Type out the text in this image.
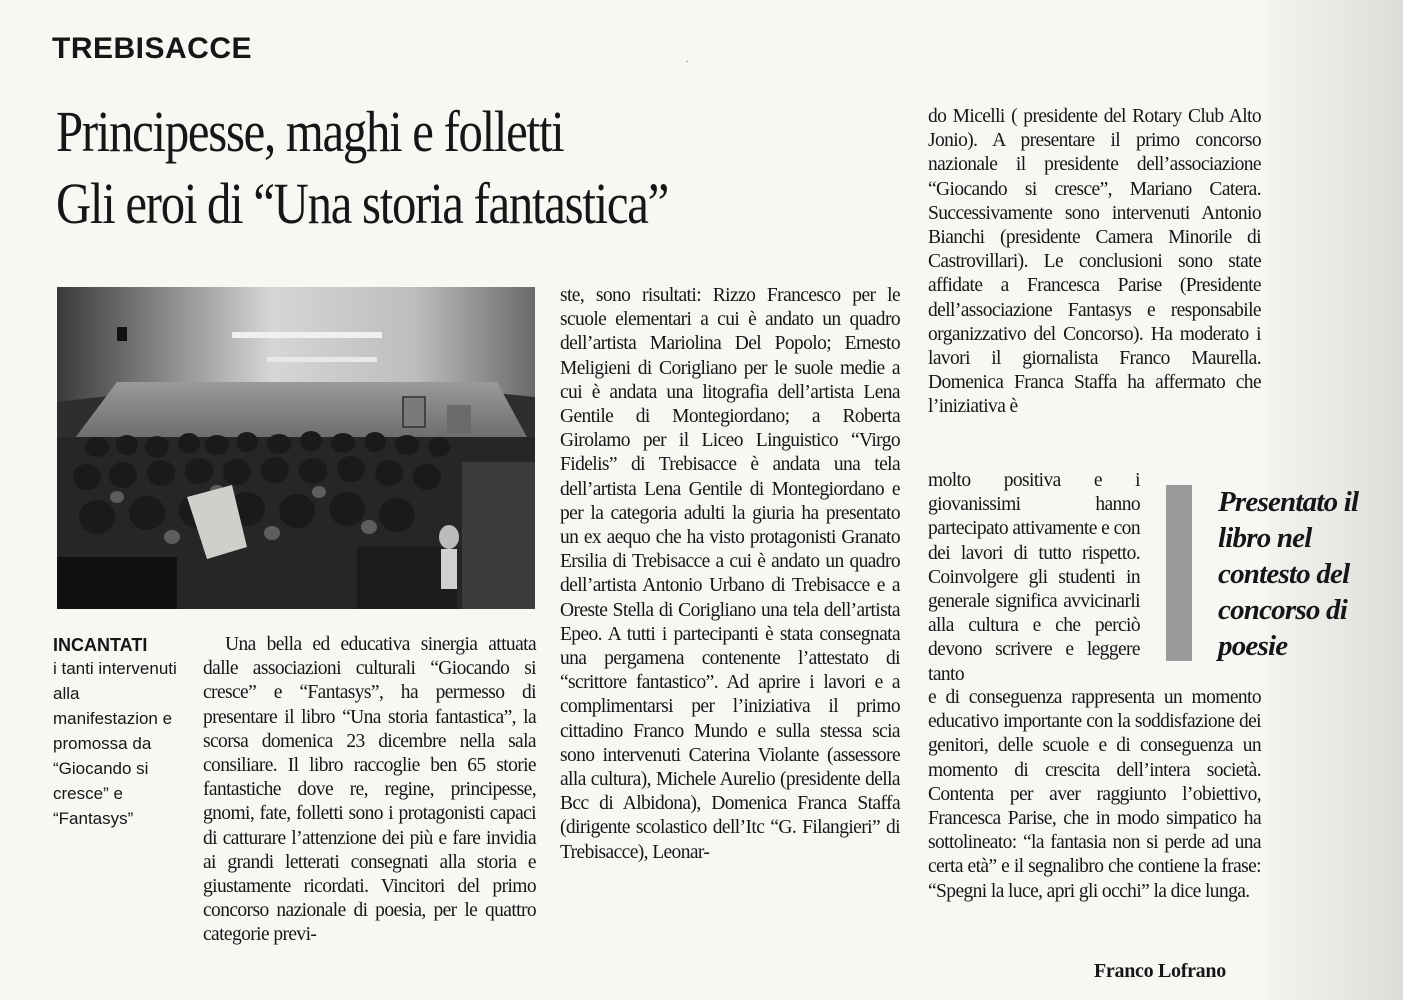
·
TREBISACCE
Principesse, maghi e folletti
Gli eroi di “Una storia fantastica”
INCANTATI
i tanti intervenuti alla manifestazion e promossa da “Giocando si cresce” e “Fantasys”
Una bella ed educativa sinergia attuata dalle associazioni culturali “Giocando si cresce” e “Fantasys”, ha permesso di presentare il libro “Una storia fantastica”, la scorsa domenica 23 dicembre nella sala consiliare. Il libro raccoglie ben 65 storie fantastiche dove re, regine, principesse, gnomi, fate, folletti sono i protagonisti capaci di catturare l’attenzione dei più e fare invidia ai grandi letterati consegnati alla storia e giustamente ricordati. Vincitori del primo concorso nazionale di poesia, per le quattro categorie previ-
ste, sono risultati: Rizzo Francesco per le scuole elementari a cui è andato un quadro dell’artista Mariolina Del Popolo; Ernesto Meligieni di Corigliano per le suole medie a cui è andata una litografia dell’artista Lena Gentile di Montegiordano; a Roberta Girolamo per il Liceo Linguistico “Virgo Fidelis” di Trebisacce è andata una tela dell’artista Lena Gentile di Montegiordano e per la categoria adulti la giuria ha presentato un ex aequo che ha visto protagonisti Granato Ersilia di Trebisacce a cui è andato un quadro dell’artista Antonio Urbano di Trebisacce e a Oreste Stella di Corigliano una tela dell’artista Epeo. A tutti i partecipanti è stata consegnata una pergamena contenente l’attestato di “scrittore fantastico”. Ad aprire i lavori e a complimentarsi per l’iniziativa il primo cittadino Franco Mundo e sulla stessa scia sono intervenuti Caterina Violante (assessore alla cultura), Michele Aurelio (presidente della Bcc di Albidona), Domenica Franca Staffa (dirigente scolastico dell’Itc “G. Filangieri” di Trebisacce), Leonar-
do Micelli ( presidente del Rotary Club Alto Jonio). A presentare il primo concorso nazionale il presidente dell’associazione “Giocando si cresce”, Mariano Catera. Successivamente sono intervenuti Antonio Bianchi (presidente Camera Minorile di Castrovillari). Le conclusioni sono state affidate a Francesca Parise (Presidente dell’associazione Fantasys e responsabile organizzativo del Concorso). Ha moderato i lavori il giornalista Franco Maurella. Domenica Franca Staffa ha affermato che l’iniziativa è
molto positiva e i giovanissimi hanno partecipato attivamente e con dei lavori di tutto rispetto. Coinvolgere gli studenti in generale significa avvicinarli alla cultura e che perciò devono scrivere e leggere tanto
e di conseguenza rappresenta un momento educativo importante con la soddisfazione dei genitori, delle scuole e di conseguenza un momento di crescita dell’intera società. Contenta per aver raggiunto l’obiettivo, Francesca Parise, che in modo simpatico ha sottolineato: “la fantasia non si perde ad una certa età” e il segnalibro che contiene la frase: “Spegni la luce, apri gli occhi” la dice lunga.
Presentato il libro nel contesto del concorso di poesie
Franco Lofrano
